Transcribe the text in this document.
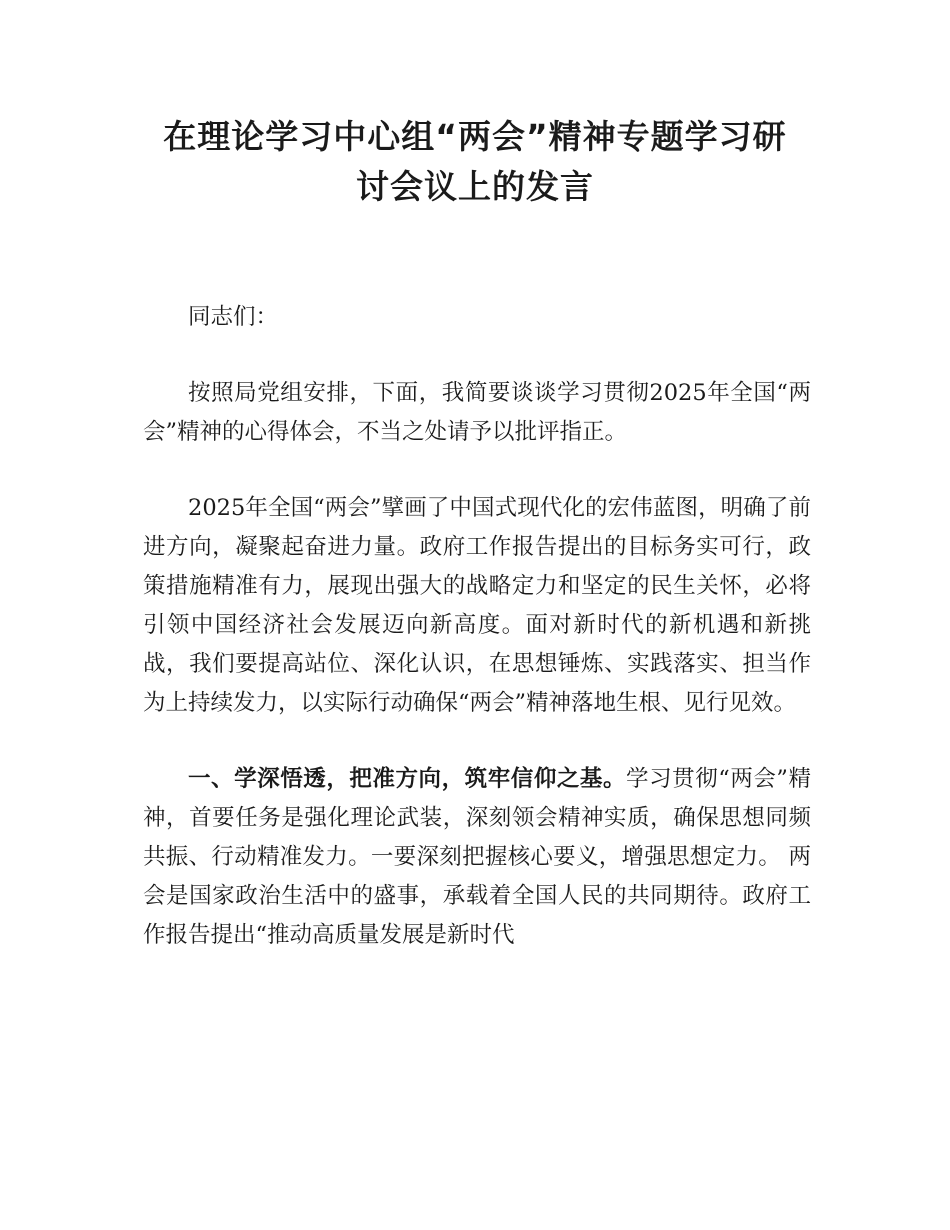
在理论学习中心组“两会”精神专题学习研
讨会议上的发言

同志们：

按照局党组安排，下面，我简要谈谈学习贯彻2025年全国“两会”精神的心得体会，不当之处请予以批评指正。

2025年全国“两会”擘画了中国式现代化的宏伟蓝图，明确了前进方向，凝聚起奋进力量。政府工作报告提出的目标务实可行，政策措施精准有力，展现出强大的战略定力和坚定的民生关怀，必将引领中国经济社会发展迈向新高度。面对新时代的新机遇和新挑战，我们要提高站位、深化认识，在思想锤炼、实践落实、担当作为上持续发力，以实际行动确保“两会”精神落地生根、见行见效。

一、学深悟透，把准方向，筑牢信仰之基。学习贯彻“两会”精神，首要任务是强化理论武装，深刻领会精神实质，确保思想同频共振、行动精准发力。一要深刻把握核心要义，增强思想定力。 两会是国家政治生活中的盛事，承载着全国人民的共同期待。政府工作报告提出“推动高质量发展是新时代
